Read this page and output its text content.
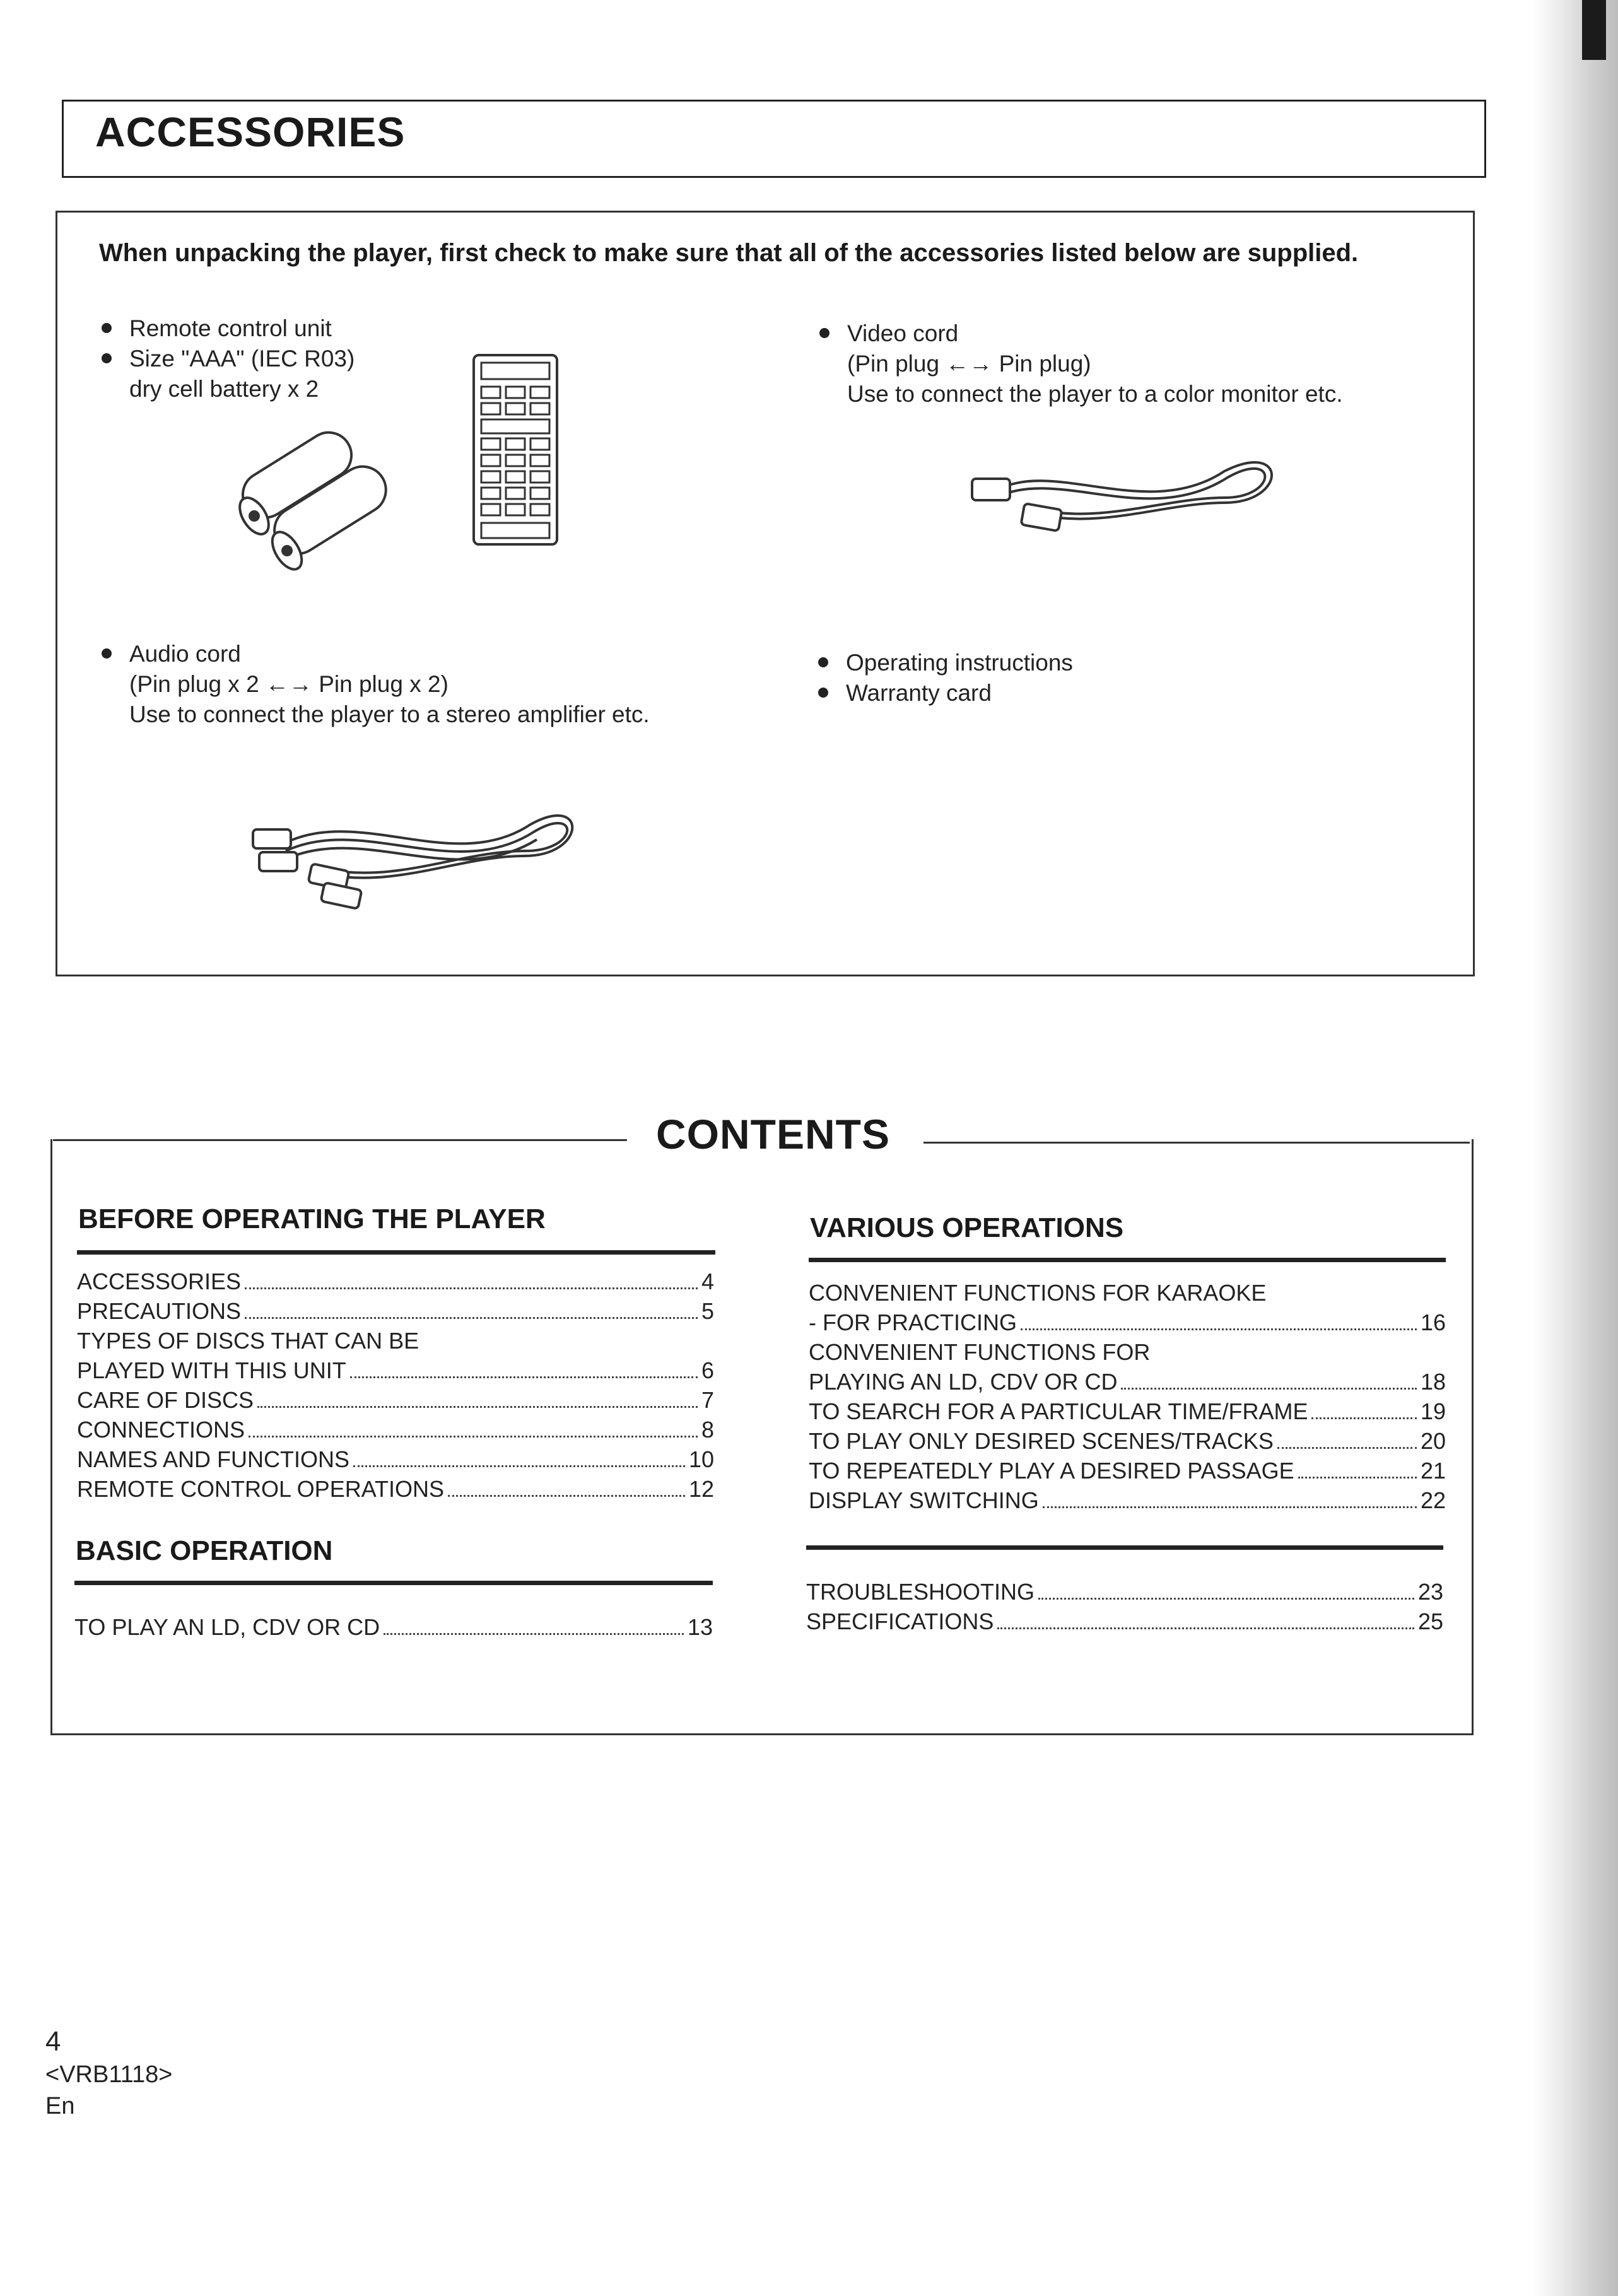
ACCESSORIES
When unpacking the player, first check to make sure that all of the accessories listed below are supplied.
Remote control unit
Size "AAA" (IEC R03)
dry cell battery x 2
Video cord
(Pin plug ←→ Pin plug)
Use to connect the player to a color monitor etc.
Audio cord
(Pin plug x 2 ←→ Pin plug x 2)
Use to connect the player to a stereo amplifier etc.
Operating instructions
Warranty card
CONTENTS
BEFORE OPERATING THE PLAYER
ACCESSORIES	4
PRECAUTIONS	5
TYPES OF DISCS THAT CAN BE
PLAYED WITH THIS UNIT	6
CARE OF DISCS	7
CONNECTIONS	8
NAMES AND FUNCTIONS	10
REMOTE CONTROL OPERATIONS	12
BASIC OPERATION
TO PLAY AN LD, CDV OR CD	13
VARIOUS OPERATIONS
CONVENIENT FUNCTIONS FOR KARAOKE
- FOR PRACTICING	16
CONVENIENT FUNCTIONS FOR
PLAYING AN LD, CDV OR CD	18
TO SEARCH FOR A PARTICULAR TIME/FRAME	19
TO PLAY ONLY DESIRED SCENES/TRACKS	20
TO REPEATEDLY PLAY A DESIRED PASSAGE	21
DISPLAY SWITCHING	22
TROUBLESHOOTING	23
SPECIFICATIONS	25
4
<VRB1118>
En
